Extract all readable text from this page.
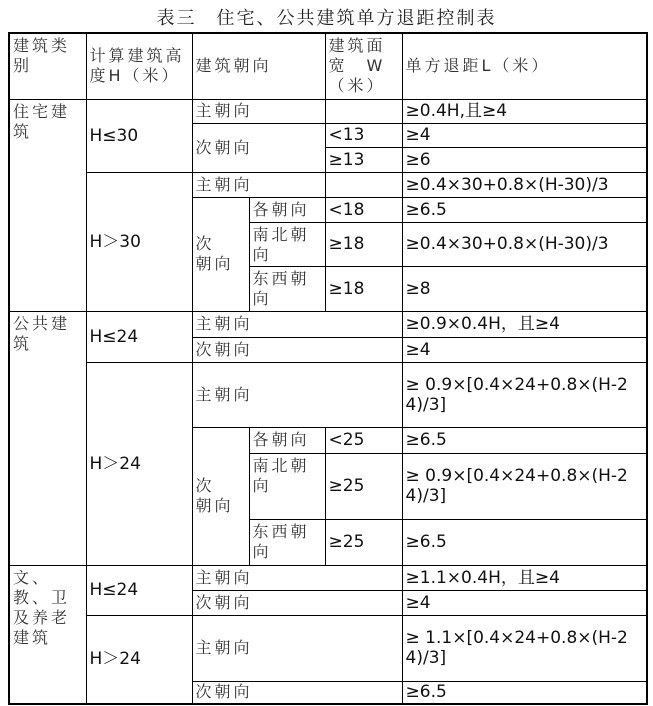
表三　住宅、公共建筑单方退距控制表
建筑类别	计算建筑高度H（米）	建筑朝向		建筑面宽　W（米）	单方退距L（米）
住宅建筑	H≤30	主朝向			≥0.4H,且≥4
		次朝向		<13	≥4
				≥13	≥6
	H＞30	主朝向			≥0.4×30+0.8×(H-30)/3
		次　朝向	各朝向	<18	≥6.5
			南北朝向	≥18	≥0.4×30+0.8×(H-30)/3
			东西朝向	≥18	≥8
公共建筑	H≤24	主朝向			≥0.9×0.4H，且≥4
		次朝向			≥4
	H＞24	主朝向			≥ 0.9×[0.4×24+0.8×(H-24)/3]
		次　朝向	各朝向	<25	≥6.5
			南北朝向	≥25	≥ 0.9×[0.4×24+0.8×(H-24)/3]
			东西朝向	≥25	≥6.5
文、教、卫及养老建筑	H≤24	主朝向			≥1.1×0.4H，且≥4
		次朝向			≥4
	H＞24	主朝向			≥ 1.1×[0.4×24+0.8×(H-24)/3]
		次朝向			≥6.5
